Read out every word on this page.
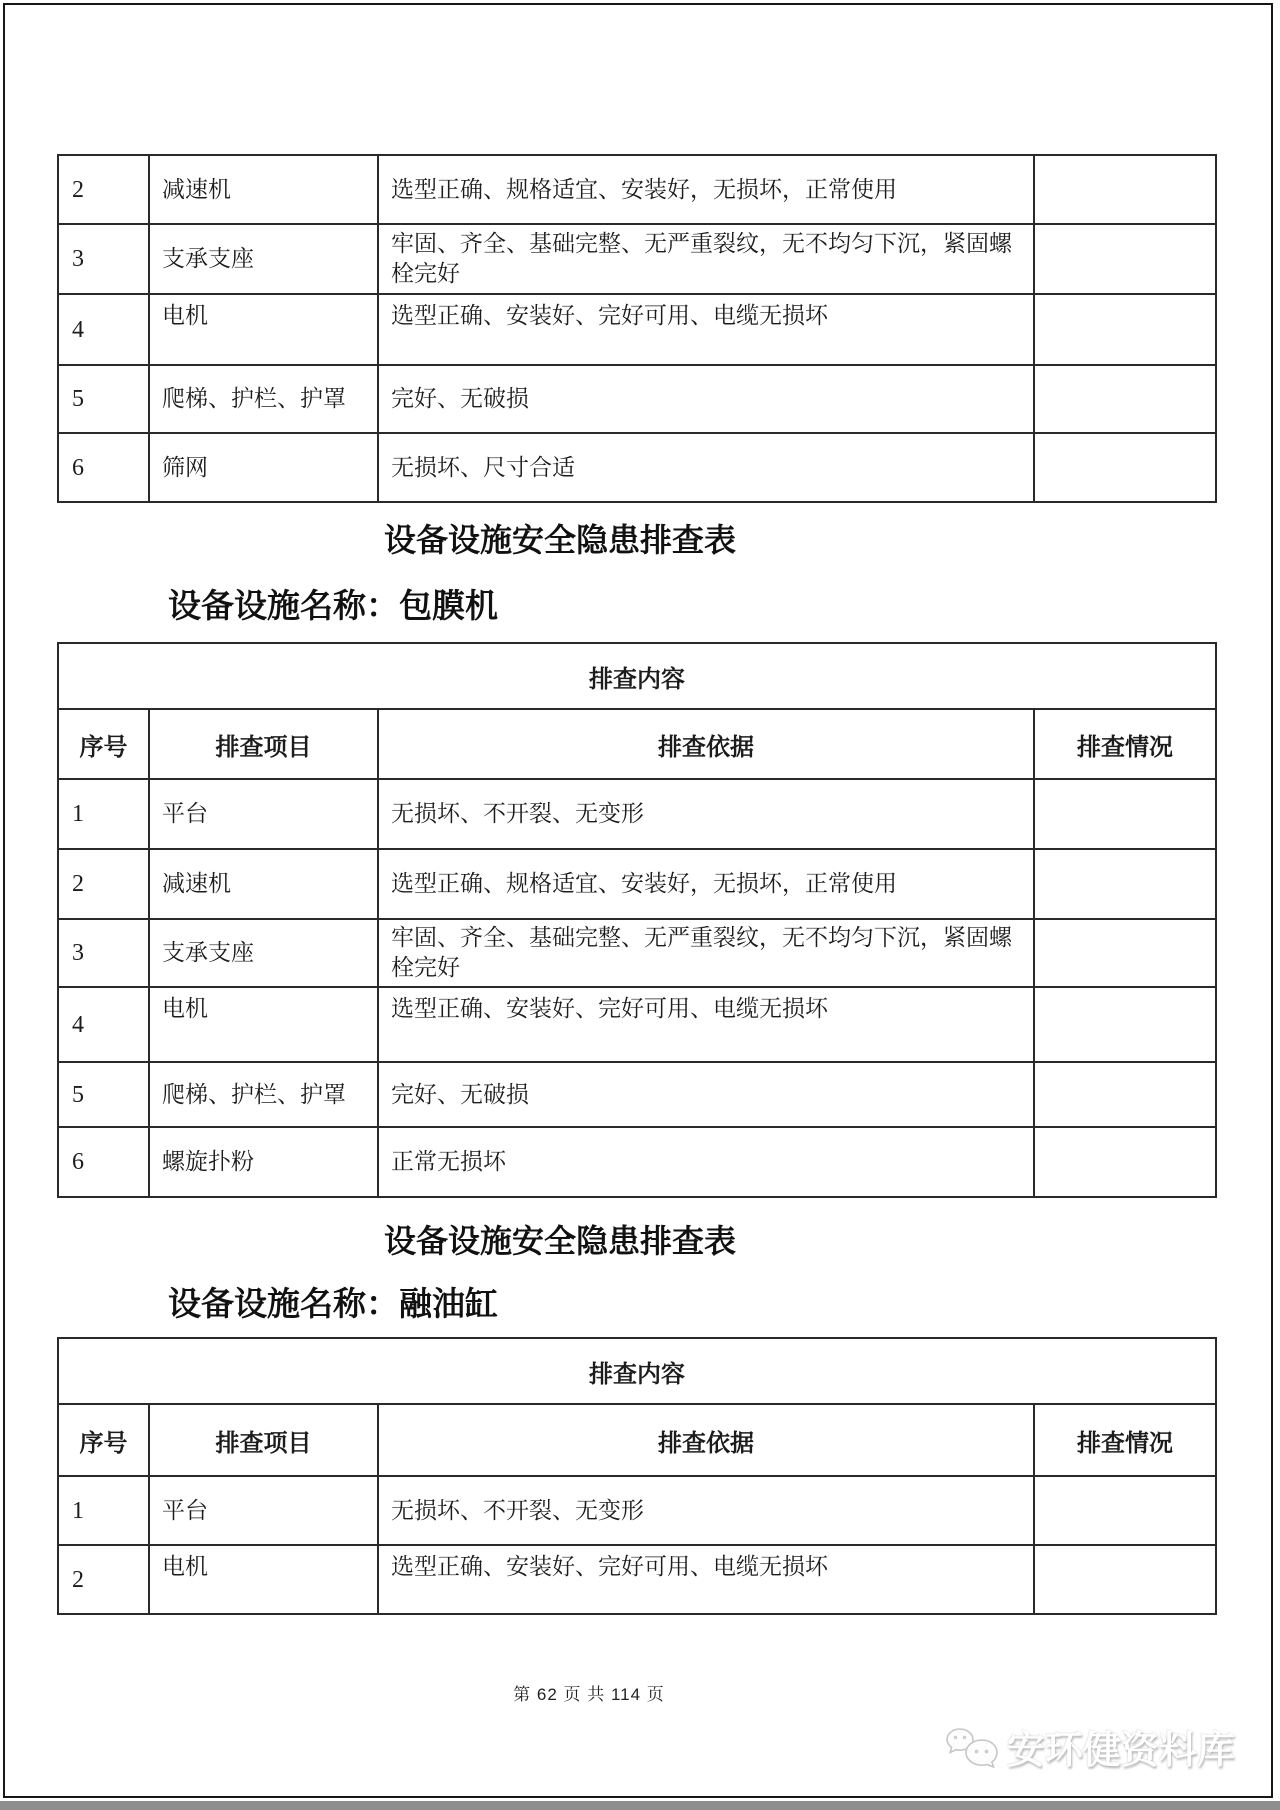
2	减速机	选型正确、规格适宜、安装好，无损坏，正常使用	
3	支承支座	牢固、齐全、基础完整、无严重裂纹，无不均匀下沉，紧固螺栓完好	
4	电机	选型正确、安装好、完好可用、电缆无损坏	
5	爬梯、护栏、护罩	完好、无破损	
6	筛网	无损坏、尺寸合适	
设备设施安全隐患排查表
设备设施名称：包膜机
排查内容			
序号	排查项目	排查依据	排查情况
1	平台	无损坏、不开裂、无变形	
2	减速机	选型正确、规格适宜、安装好，无损坏，正常使用	
3	支承支座	牢固、齐全、基础完整、无严重裂纹，无不均匀下沉，紧固螺栓完好	
4	电机	选型正确、安装好、完好可用、电缆无损坏	
5	爬梯、护栏、护罩	完好、无破损	
6	螺旋扑粉	正常无损坏	
设备设施安全隐患排查表
设备设施名称：融油缸
排查内容			
序号	排查项目	排查依据	排查情况
1	平台	无损坏、不开裂、无变形	
2	电机	选型正确、安装好、完好可用、电缆无损坏	
第 62 页 共 114 页
安环健资料库
